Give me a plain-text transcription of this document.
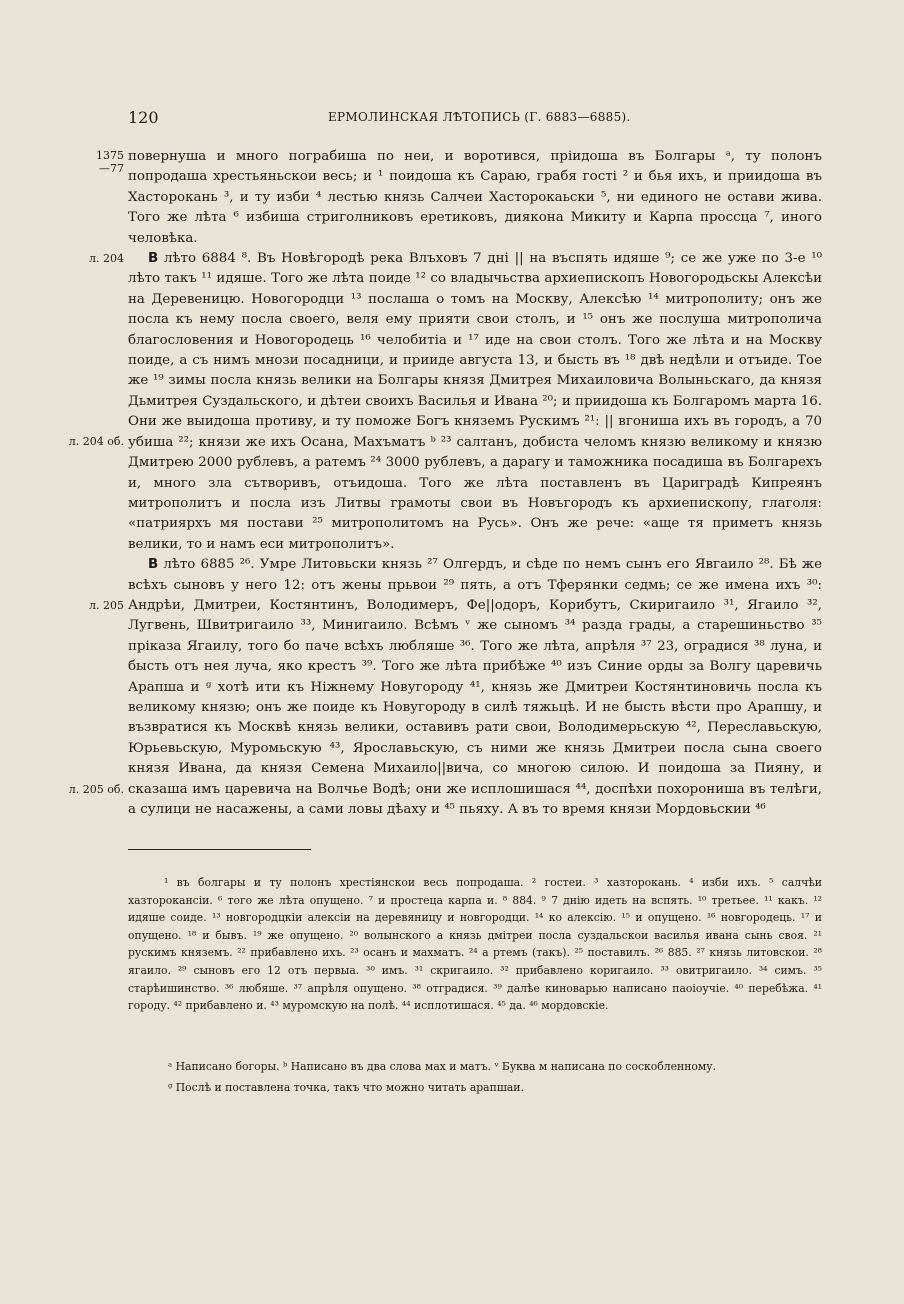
120	ЕРМОЛИНСКАЯ ЛѢТОПИСЬ (Г. 6883—6885).
1375
—77
л. 204
л. 204 об.
л. 205
л. 205 об.

повернуша и много пограбиша по неи, и воротився, прiидоша въ Болгары ᵃ, ту полонъ попродаша хрестьяньскои весь; и ¹ поидоша къ Сараю, грабя гостi ² и бья ихъ, и приидоша въ Хасторокань ³, и ту изби ⁴ лестью князь Салчеи Хасторокаьски ⁵, ни единого не остави жива. Того же лѣта ⁶ избиша стриголниковъ еретиковъ, диякона Микиту и Карпа проссца ⁷, иного человѣка.

В лѣто 6884 ⁸. Въ Новѣгородѣ река Влъховъ 7 днi || на въспять идяше ⁹; се же уже по 3-е ¹⁰ лѣто такъ ¹¹ идяше. Того же лѣта поиде ¹² со владычьства архиепископъ Новогородьскы Алексѣи на Деревеницю. Новогородци ¹³ послаша о томъ на Москву, Алексѣю ¹⁴ митрополиту; онъ же посла къ нему посла своего, веля ему прияти свои столъ, и ¹⁵ онъ же послуша митрополича благословения и Новогородець ¹⁶ челобитiа и ¹⁷ иде на свои столъ. Того же лѣта и на Москву поиде, а съ нимъ мнози посадници, и прииде августа 13, и бысть въ ¹⁸ двѣ недѣли и отъиде. Тое же ¹⁹ зимы посла князь велики на Болгары князя Дмитрея Михаиловича Волыньскаго, да князя Дьмитрея Суздальского, и дѣтеи своихъ Василья и Ивана ²⁰; и приидоша къ Болгаромъ марта 16. Они же выидоша противу, и ту поможе Богъ княземъ Рускимъ ²¹: || вгониша ихъ въ городъ, а 70 убиша ²²; князи же ихъ Осана, Махъматъ ᵇ ²³ салтанъ, добиста челомъ князю великому и князю Дмитрею 2000 рублевъ, а ратемъ ²⁴ 3000 рублевъ, а дарагу и таможника посадиша въ Болгарехъ и, много зла сътворивъ, отъидоша. Того же лѣта поставленъ въ Цариградѣ Кипреянъ митрополитъ и посла изъ Литвы грамоты свои въ Новъгородъ къ архиепископу, глаголя: «патриярхъ мя постави ²⁵ митрополитомъ на Русь». Онъ же рече: «аще тя приметъ князь велики, то и намъ еси митрополитъ».

В лѣто 6885 ²⁶. Умре Литовьски князь ²⁷ Олгердъ, и сѣде по немъ сынъ его Явгаило ²⁸. Бѣ же всѣхъ сыновъ у него 12: отъ жены прьвои ²⁹ пять, а отъ Тферянки седмь; се же имена ихъ ³⁰: Андрѣи, Дмитреи, Костянтинъ, Володимеръ, Фе||одоръ, Корибутъ, Скиригаило ³¹, Ягаило ³², Лугвень, Швитригаило ³³, Минигаило. Всѣмъ ᵛ же сыномъ ³⁴ разда грады, а старешиньство ³⁵ прiказа Ягаилу, того бо паче всѣхъ любляше ³⁶. Того же лѣта, апрѣля ³⁷ 23, оградися ³⁸ луна, и бысть отъ нея луча, яко крестъ ³⁹. Того же лѣта прибѣже ⁴⁰ изъ Синие орды за Волгу царевичь Арапша и ᵍ хотѣ ити къ Нiжнему Новугороду ⁴¹, князь же Дмитреи Костянтиновичь посла къ великому князю; онъ же поиде къ Новугороду в силѣ тяжьцѣ. И не бысть вѣсти про Арапшу, и възвратися къ Москвѣ князь велики, оставивъ рати свои, Володимерьскую ⁴², Переславьскую, Юрьевьскую, Муромьскую ⁴³, Ярославьскую, съ ними же князь Дмитреи посла сына своего князя Ивана, да князя Семена Михаило||вича, со многою силою. И поидоша за Пияну, и сказаша имъ царевича на Волчье Водѣ; они же исплошишася ⁴⁴, доспѣхи похорониша въ телѣги, а сулици не насажены, а сами ловы дѣаху и ⁴⁵ пьяху. А въ то время князи Мордовьскии ⁴⁶

¹ въ болгары и ту полонъ хрестiянскои весь попродаша. ² гостеи. ³ хазторокань. ⁴ изби ихъ. ⁵ салчѣи хазторокансiи. ⁶ того же лѣта опущено. ⁷ и простеца карпа и. ⁸ 884. ⁹ 7 днiю идеть на вспять. ¹⁰ третьее. ¹¹ какъ. ¹² идяше соиде. ¹³ новгородцкiи алексiи на деревяницу и новгородци. ¹⁴ ко алексiю. ¹⁵ и опущено. ¹⁶ новгородець. ¹⁷ и опущено. ¹⁸ и бывъ. ¹⁹ же опущено. ²⁰ волынского а князь дмiтреи посла суздальскои василья ивана сынь своя. ²¹ рускимъ княземъ. ²² прибавлено ихъ. ²³ осанъ и махматъ. ²⁴ а ртемъ (такъ). ²⁵ поставилъ. ²⁶ 885. ²⁷ князь литовскои. ²⁸ ягаило. ²⁹ сыновъ его 12 отъ первыа. ³⁰ имъ. ³¹ скригаило. ³² прибавлено коригаило. ³³ овитригаило. ³⁴ симъ. ³⁵ старѣишинство. ³⁶ любяше. ³⁷ апрѣля опущено. ³⁸ отградися. ³⁹ далѣе киноварью написано паоiоучiе. ⁴⁰ перебѣжа. ⁴¹ городу. ⁴² прибавлено и. ⁴³ муромскую на полѣ. ⁴⁴ исплотишася. ⁴⁵ да. ⁴⁶ мордовскiе.

ᵃ Написано богоры. ᵇ Написано въ два слова мах и матъ. ᵛ Буква м написана по соскобленному.

ᵍ Послѣ и поставлена точка, такъ что можно читать арапшаи.
